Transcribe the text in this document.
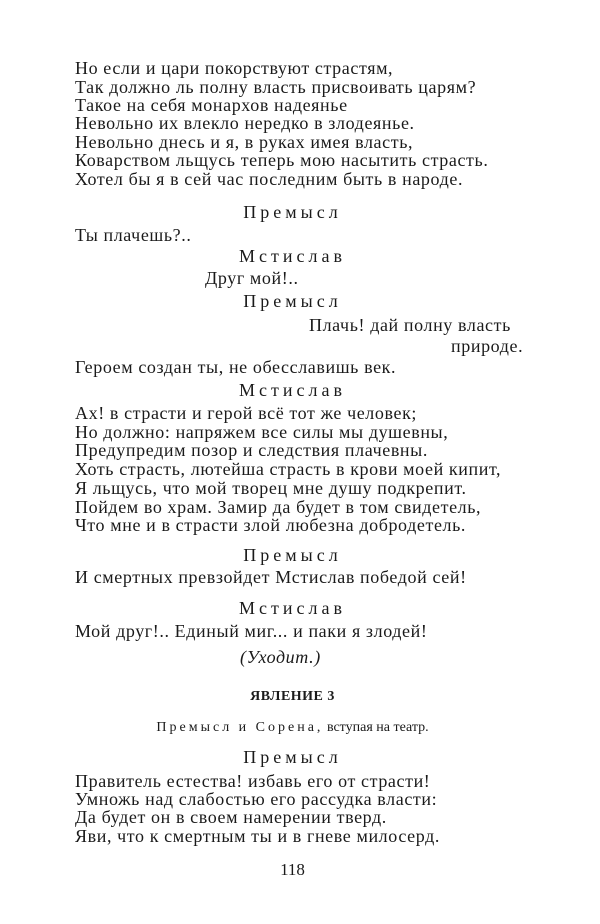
Но если и цари покорствуют страстям,
Так должно ль полну власть присвоивать царям?
Такое на себя монархов надеянье
Невольно их влекло нередко в злодеянье.
Невольно днесь и я, в руках имея власть,
Коварством льщусь теперь мою насытить страсть.
Хотел бы я в сей час последним быть в народе.
Премысл
Ты плачешь?..
Мстислав
Друг мой!..
Премысл
Плачь! дай полну власть
природе.
Героем создан ты, не обесславишь век.
Мстислав
Ах! в страсти и герой всё тот же человек;
Но должно: напряжем все силы мы душевны,
Предупредим позор и следствия плачевны.
Хоть страсть, лютейша страсть в крови моей кипит,
Я льщусь, что мой творец мне душу подкрепит.
Пойдем во храм. Замир да будет в том свидетель,
Что мне и в страсти злой любезна добродетель.
Премысл
И смертных превзойдет Мстислав победой сей!
Мстислав
Мой друг!.. Единый миг... и паки я злодей!
(Уходит.)
ЯВЛЕНИЕ 3
Премысл и Сорена, вступая на театр.
Премысл
Правитель естества! избавь его от страсти!
Умножь над слабостью его рассудка власти:
Да будет он в своем намерении тверд.
Яви, что к смертным ты и в гневе милосерд.
118
